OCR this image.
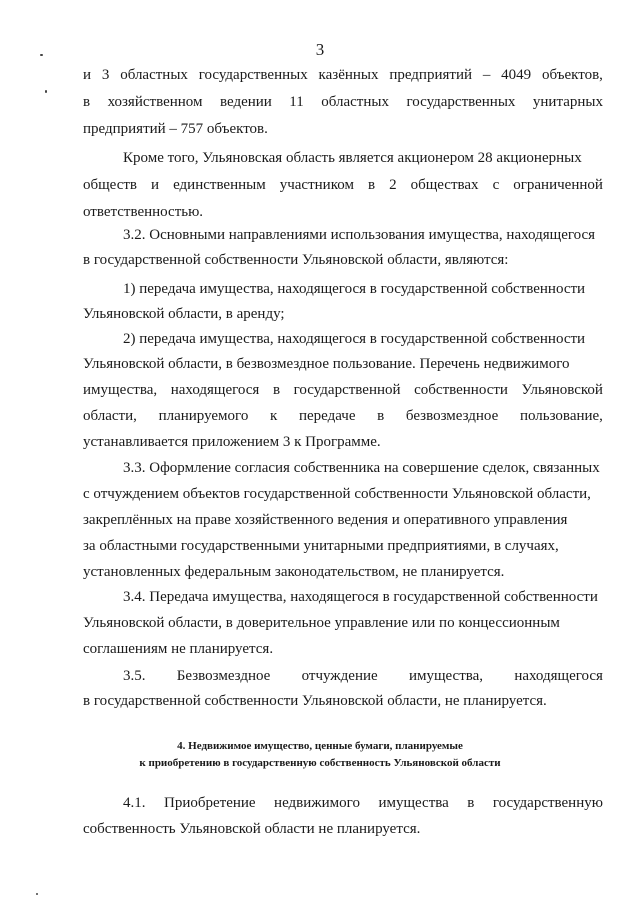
3
и 3 областных государственных казённых предприятий – 4049 объектов,
в хозяйственном ведении 11 областных государственных унитарных
предприятий – 757 объектов.
Кроме того, Ульяновская область является акционером 28 акционерных
обществ и единственным участником в 2 обществах с ограниченной
ответственностью.
3.2. Основными направлениями использования имущества, находящегося
в государственной собственности Ульяновской области, являются:
1) передача имущества, находящегося в государственной собственности
Ульяновской области, в аренду;
2) передача имущества, находящегося в государственной собственности
Ульяновской области, в безвозмездное пользование. Перечень недвижимого
имущества, находящегося в государственной собственности Ульяновской
области, планируемого к передаче в безвозмездное пользование,
устанавливается приложением 3 к Программе.
3.3. Оформление согласия собственника на совершение сделок, связанных
с отчуждением объектов государственной собственности Ульяновской области,
закреплённых на праве хозяйственного ведения и оперативного управления
за областными государственными унитарными предприятиями, в случаях,
установленных федеральным законодательством, не планируется.
3.4. Передача имущества, находящегося в государственной собственности
Ульяновской области, в доверительное управление или по концессионным
соглашениям не планируется.
3.5. Безвозмездное отчуждение имущества, находящегося
в государственной собственности Ульяновской области, не планируется.
4.1. Приобретение недвижимого имущества в государственную
собственность Ульяновской области не планируется.
4. Недвижимое имущество, ценные бумаги, планируемые
к приобретению в государственную собственность Ульяновской области
